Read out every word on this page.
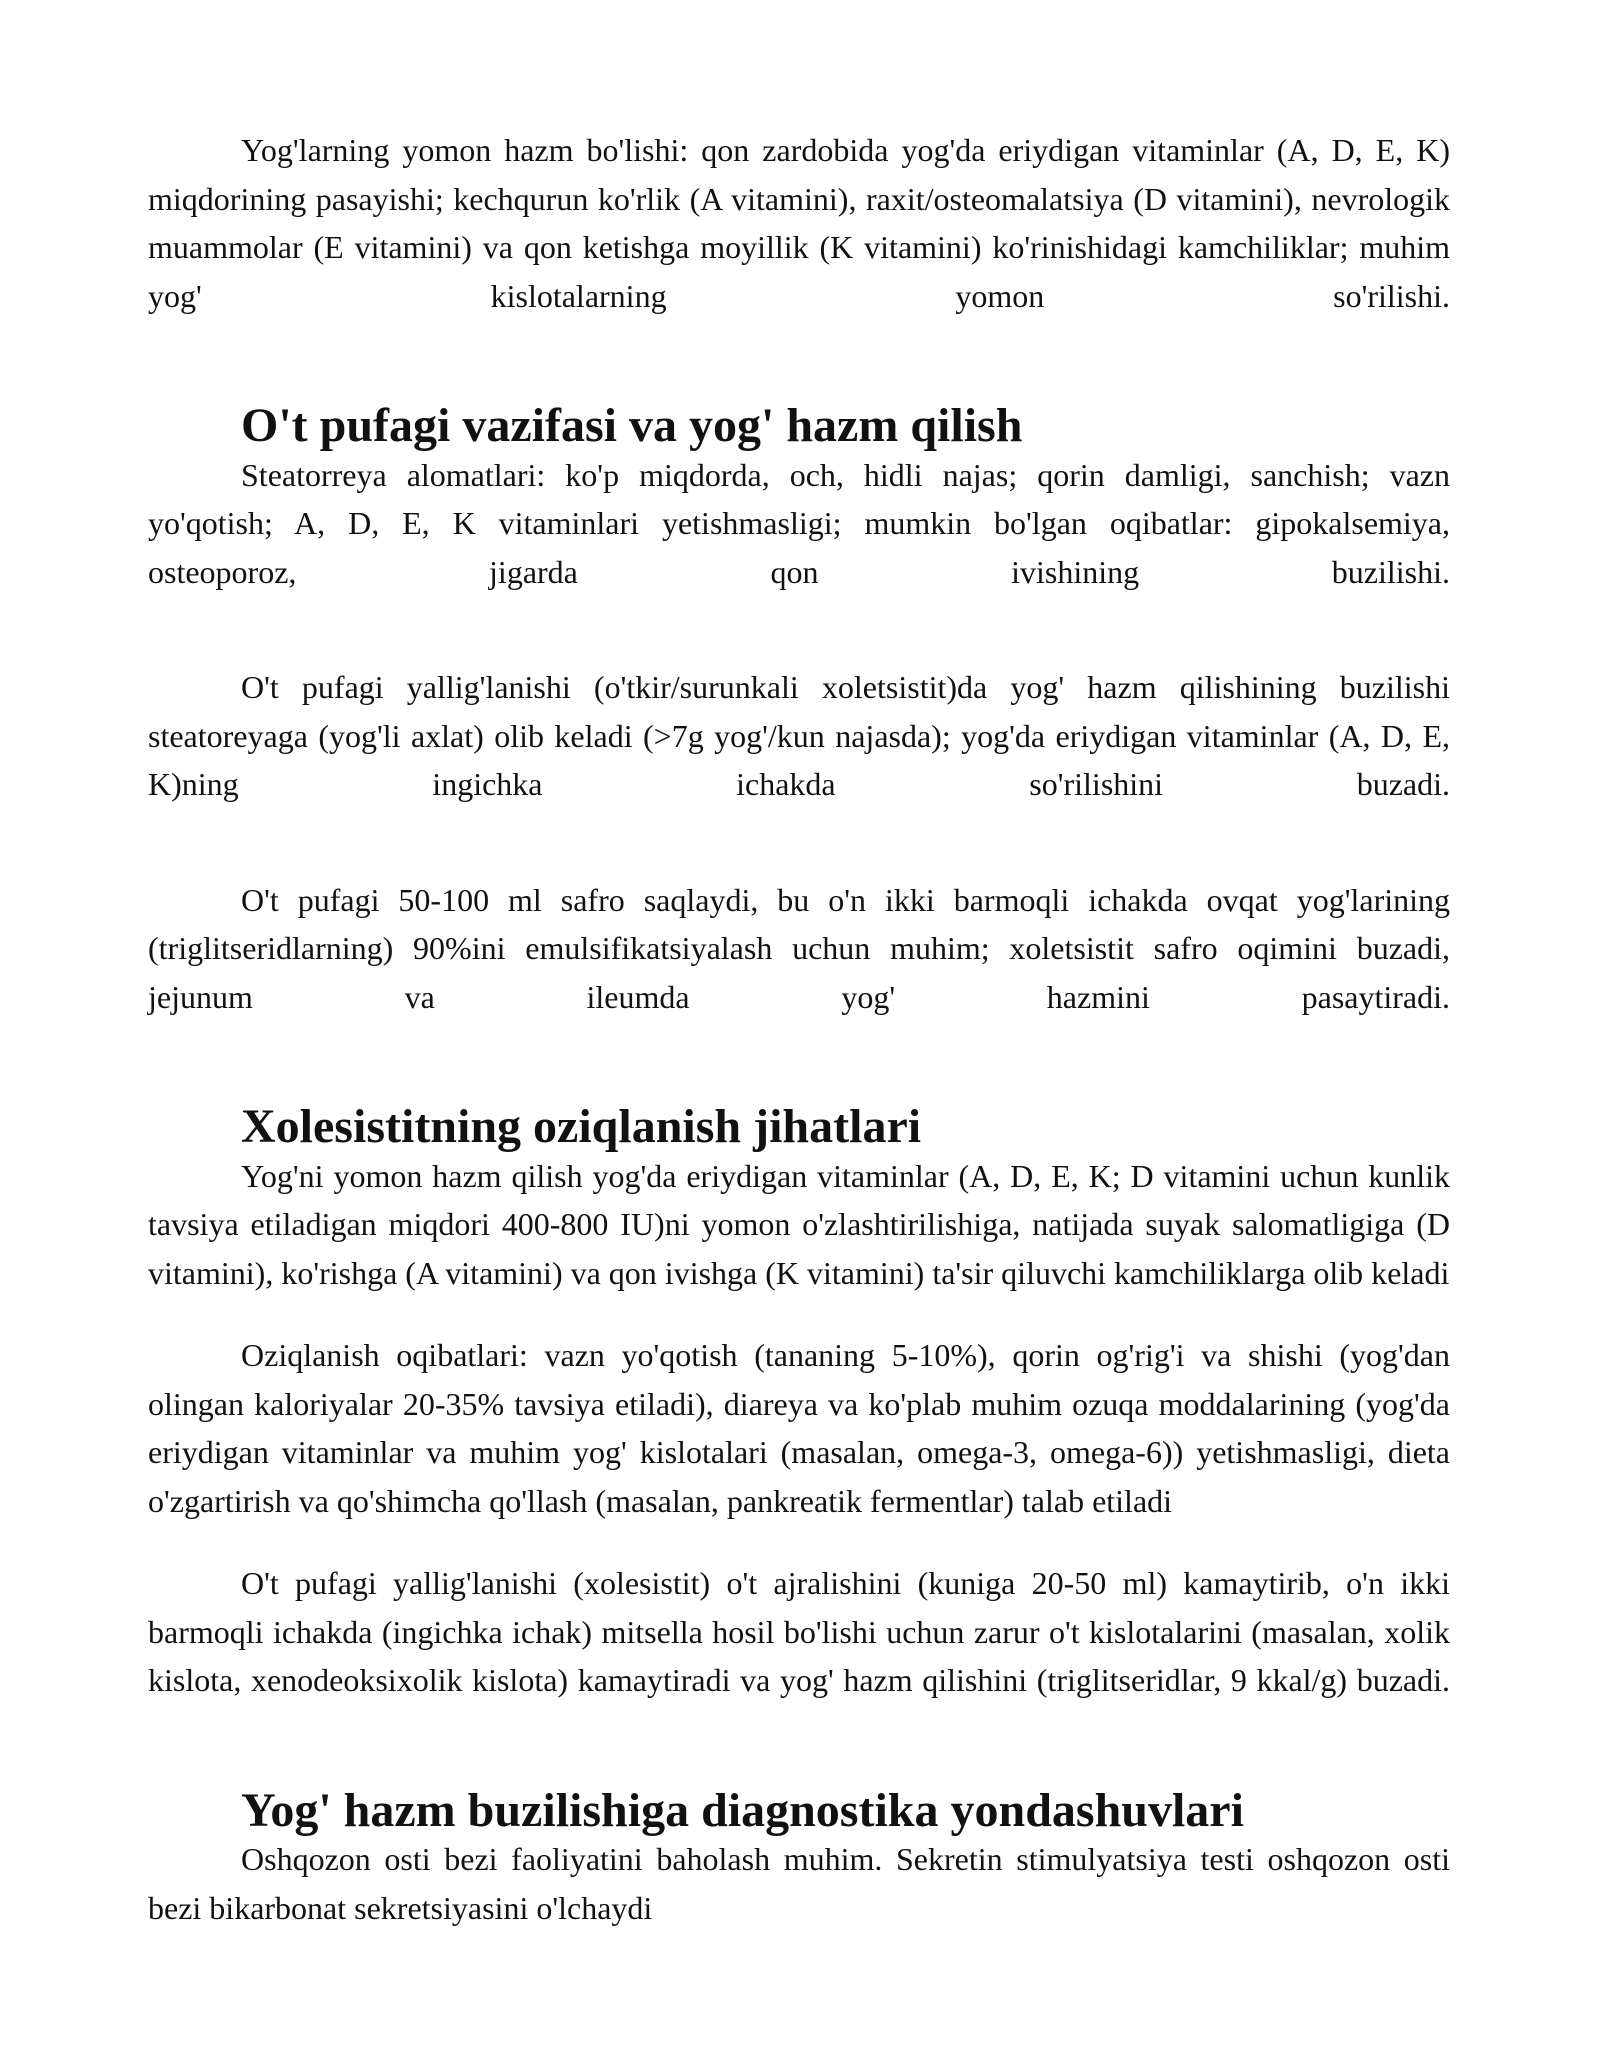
Yog'larning yomon hazm bo'lishi: qon zardobida yog'da eriydigan vitaminlar (A, D, E, K) miqdorining pasayishi; kechqurun ko'rlik (A vitamini), raxit/osteomalatsiya (D vitamini), nevrologik muammolar (E vitamini) va qon ketishga moyillik (K vitamini) ko'rinishidagi kamchiliklar; muhim yog' kislotalarning yomon so'rilishi.

O't pufagi vazifasi va yog' hazm qilish

Steatorreya alomatlari: ko'p miqdorda, och, hidli najas; qorin damligi, sanchish; vazn yo'qotish; A, D, E, K vitaminlari yetishmasligi; mumkin bo'lgan oqibatlar: gipokalsemiya, osteoporoz, jigarda qon ivishining buzilishi.

O't pufagi yallig'lanishi (o'tkir/surunkali xoletsistit)da yog' hazm qilishining buzilishi steatoreyaga (yog'li axlat) olib keladi (>7g yog'/kun najasda); yog'da eriydigan vitaminlar (A, D, E, K)ning ingichka ichakda so'rilishini buzadi.

O't pufagi 50-100 ml safro saqlaydi, bu o'n ikki barmoqli ichakda ovqat yog'larining (triglitseridlarning) 90%ini emulsifikatsiyalash uchun muhim; xoletsistit safro oqimini buzadi, jejunum va ileumda yog' hazmini pasaytiradi.

Xolesistitning oziqlanish jihatlari

Yog'ni yomon hazm qilish yog'da eriydigan vitaminlar (A, D, E, K; D vitamini uchun kunlik tavsiya etiladigan miqdori 400-800 IU)ni yomon o'zlashtirilishiga, natijada suyak salomatligiga (D vitamini), ko'rishga (A vitamini) va qon ivishga (K vitamini) ta'sir qiluvchi kamchiliklarga olib keladi

Oziqlanish oqibatlari: vazn yo'qotish (tananing 5-10%), qorin og'rig'i va shishi (yog'dan olingan kaloriyalar 20-35% tavsiya etiladi), diareya va ko'plab muhim ozuqa moddalarining (yog'da eriydigan vitaminlar va muhim yog' kislotalari (masalan, omega-3, omega-6)) yetishmasligi, dieta o'zgartirish va qo'shimcha qo'llash (masalan, pankreatik fermentlar) talab etiladi

O't pufagi yallig'lanishi (xolesistit) o't ajralishini (kuniga 20-50 ml) kamaytirib, o'n ikki barmoqli ichakda (ingichka ichak) mitsella hosil bo'lishi uchun zarur o't kislotalarini (masalan, xolik kislota, xenodeoksixolik kislota) kamaytiradi va yog' hazm qilishini (triglitseridlar, 9 kkal/g) buzadi.

Yog' hazm buzilishiga diagnostika yondashuvlari

Oshqozon osti bezi faoliyatini baholash muhim. Sekretin stimulyatsiya testi oshqozon osti bezi bikarbonat sekretsiyasini o'lchaydi
